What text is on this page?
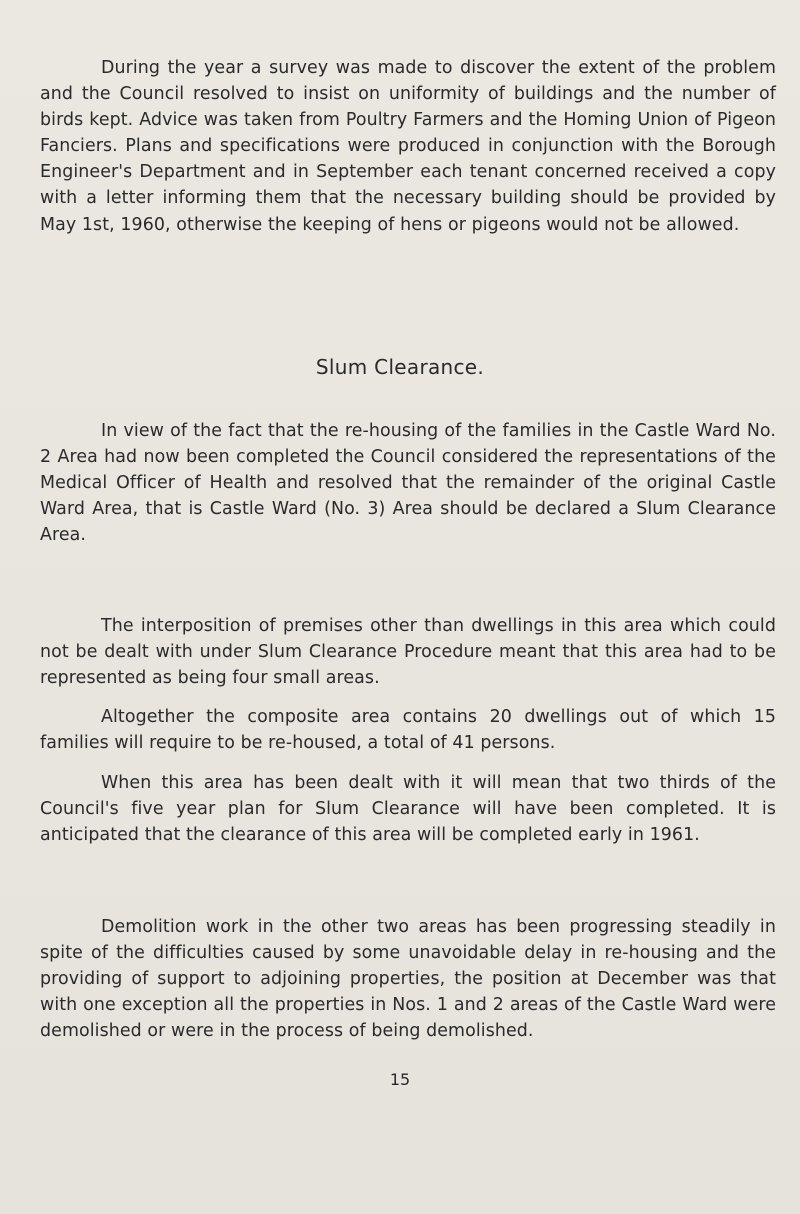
During the year a survey was made to discover the extent of the problem and the Council resolved to insist on uniformity of buildings and the number of birds kept. Advice was taken from Poultry Farmers and the Homing Union of Pigeon Fanciers. Plans and specifications were produced in conjunction with the Borough Engineer's Department and in September each tenant concerned received a copy with a letter informing them that the necessary building should be provided by May 1st, 1960, otherwise the keeping of hens or pigeons would not be allowed.

Slum Clearance.

In view of the fact that the re-housing of the families in the Castle Ward No. 2 Area had now been completed the Council considered the representations of the Medical Officer of Health and resolved that the remainder of the original Castle Ward Area, that is Castle Ward (No. 3) Area should be declared a Slum Clearance Area.

The interposition of premises other than dwellings in this area which could not be dealt with under Slum Clearance Procedure meant that this area had to be represented as being four small areas.

Altogether the composite area contains 20 dwellings out of which 15 families will require to be re-housed, a total of 41 persons.

When this area has been dealt with it will mean that two thirds of the Council's five year plan for Slum Clearance will have been completed. It is anticipated that the clearance of this area will be completed early in 1961.

Demolition work in the other two areas has been progressing steadily in spite of the difficulties caused by some unavoidable delay in re-housing and the providing of support to adjoining properties, the position at December was that with one exception all the properties in Nos. 1 and 2 areas of the Castle Ward were demolished or were in the process of being demolished.

15
